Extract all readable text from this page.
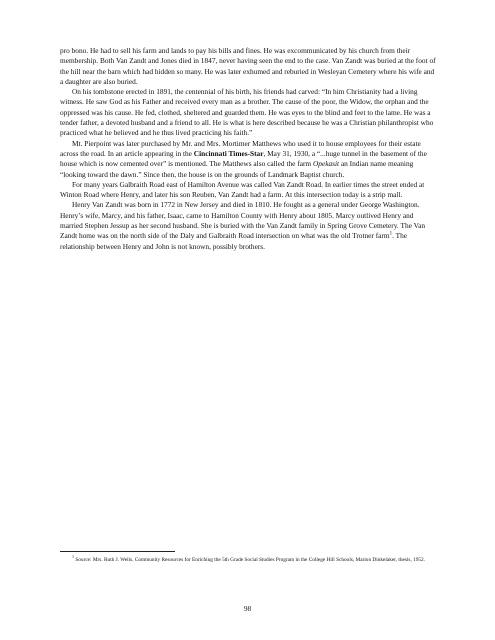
pro bono. He had to sell his farm and lands to pay his bills and fines. He was excommunicated by his church from their membership. Both Van Zandt and Jones died in 1847, never having seen the end to the case. Van Zandt was buried at the foot of the hill near the barn which had hidden so many. He was later exhumed and reburied in Wesleyan Cemetery where his wife and a daughter are also buried.

On his tombstone erected in 1891, the centennial of his birth, his friends had carved: “In him Christianity had a living witness. He saw God as his Father and received every man as a brother. The cause of the poor, the Widow, the orphan and the oppressed was his cause. He fed, clothed, sheltered and guarded them. He was eyes to the blind and feet to the lame. He was a tender father, a devoted husband and a friend to all. He is what is here described because he was a Christian philanthropist who practiced what he believed and he thus lived practicing his faith.”

Mt. Pierpoint was later purchased by Mr. and Mrs. Mortimer Matthews who used it to house employees for their estate across the road. In an article appearing in the Cincinnati Times-Star, May 31, 1930, a “...huge tunnel in the basement of the house which is now cemented over” is mentioned. The Matthews also called the farm Opekasit an Indian name meaning “looking toward the dawn.” Since then, the house is on the grounds of Landmark Baptist church.

For many years Galbraith Road east of Hamilton Avenue was called Van Zandt Road. In earlier times the street ended at Winton Road where Henry, and later his son Reuben, Van Zandt had a farm. At this intersection today is a strip mall.

Henry Van Zandt was born in 1772 in New Jersey and died in 1810. He fought as a general under George Washington. Henry’s wife, Marcy, and his father, Isaac, came to Hamilton County with Henry about 1805. Marcy outlived Henry and married Stephen Jessup as her second husband. She is buried with the Van Zandt family in Spring Grove Cemetery. The Van Zandt home was on the north side of the Daly and Galbraith Road intersection on what was the old Trotner farm$^1$. The relationship between Henry and John is not known, possibly brothers.

$^1$ Source: Mrs. Ruth J. Wells. Community Resources for Enriching the 5th Grade Social Studies Program in the College Hill Schools, Marion Dinkelaker, thesis, 1952.
98
